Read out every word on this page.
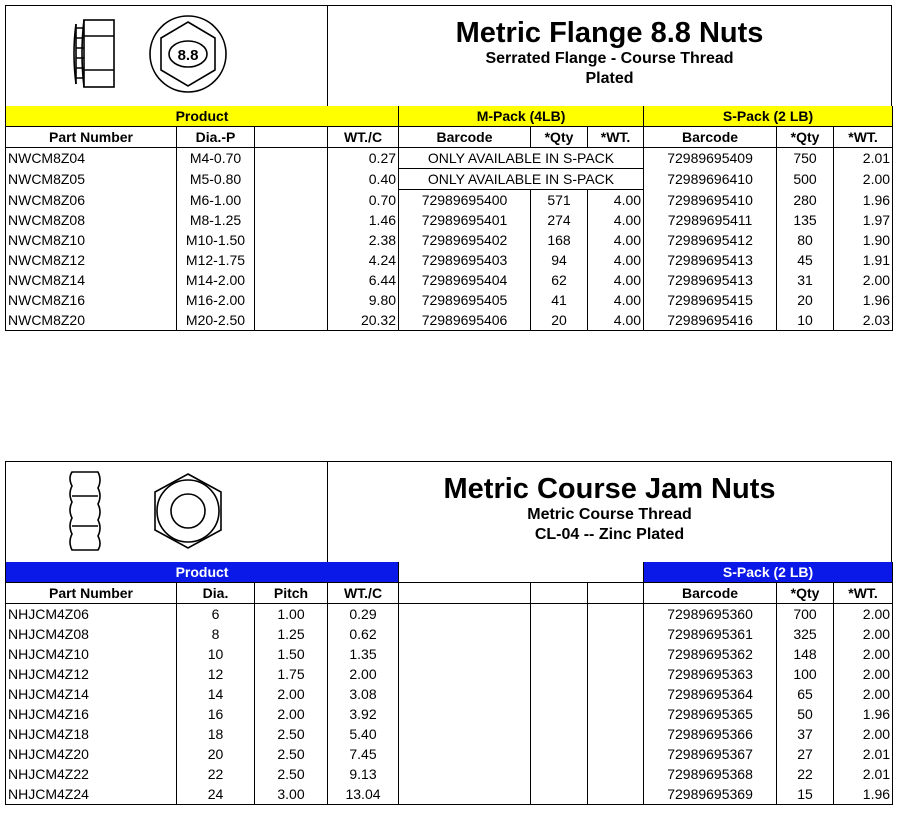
8.8
Metric Flange 8.8 Nuts
Serrated Flange - Course Thread
Plated
Product				M-Pack (4LB)			S-Pack (2 LB)		
Part Number	Dia.-P		WT./C	Barcode	*Qty	*WT.	Barcode	*Qty	*WT.
NWCM8Z04	M4-0.70		0.27	ONLY AVAILABLE IN S-PACK			72989695409	750	2.01
NWCM8Z05	M5-0.80		0.40	ONLY AVAILABLE IN S-PACK			72989696410	500	2.00
NWCM8Z06	M6-1.00		0.70	72989695400	571	4.00	72989695410	280	1.96
NWCM8Z08	M8-1.25		1.46	72989695401	274	4.00	72989695411	135	1.97
NWCM8Z10	M10-1.50		2.38	72989695402	168	4.00	72989695412	80	1.90
NWCM8Z12	M12-1.75		4.24	72989695403	94	4.00	72989695413	45	1.91
NWCM8Z14	M14-2.00		6.44	72989695404	62	4.00	72989695413	31	2.00
NWCM8Z16	M16-2.00		9.80	72989695405	41	4.00	72989695415	20	1.96
NWCM8Z20	M20-2.50		20.32	72989695406	20	4.00	72989695416	10	2.03
Metric Course Jam Nuts
Metric Course Thread
CL-04 -- Zinc Plated
Product							S-Pack (2 LB)		
Part Number	Dia.	Pitch	WT./C				Barcode	*Qty	*WT.
NHJCM4Z06	6	1.00	0.29				72989695360	700	2.00
NHJCM4Z08	8	1.25	0.62				72989695361	325	2.00
NHJCM4Z10	10	1.50	1.35				72989695362	148	2.00
NHJCM4Z12	12	1.75	2.00				72989695363	100	2.00
NHJCM4Z14	14	2.00	3.08				72989695364	65	2.00
NHJCM4Z16	16	2.00	3.92				72989695365	50	1.96
NHJCM4Z18	18	2.50	5.40				72989695366	37	2.00
NHJCM4Z20	20	2.50	7.45				72989695367	27	2.01
NHJCM4Z22	22	2.50	9.13				72989695368	22	2.01
NHJCM4Z24	24	3.00	13.04				72989695369	15	1.96
